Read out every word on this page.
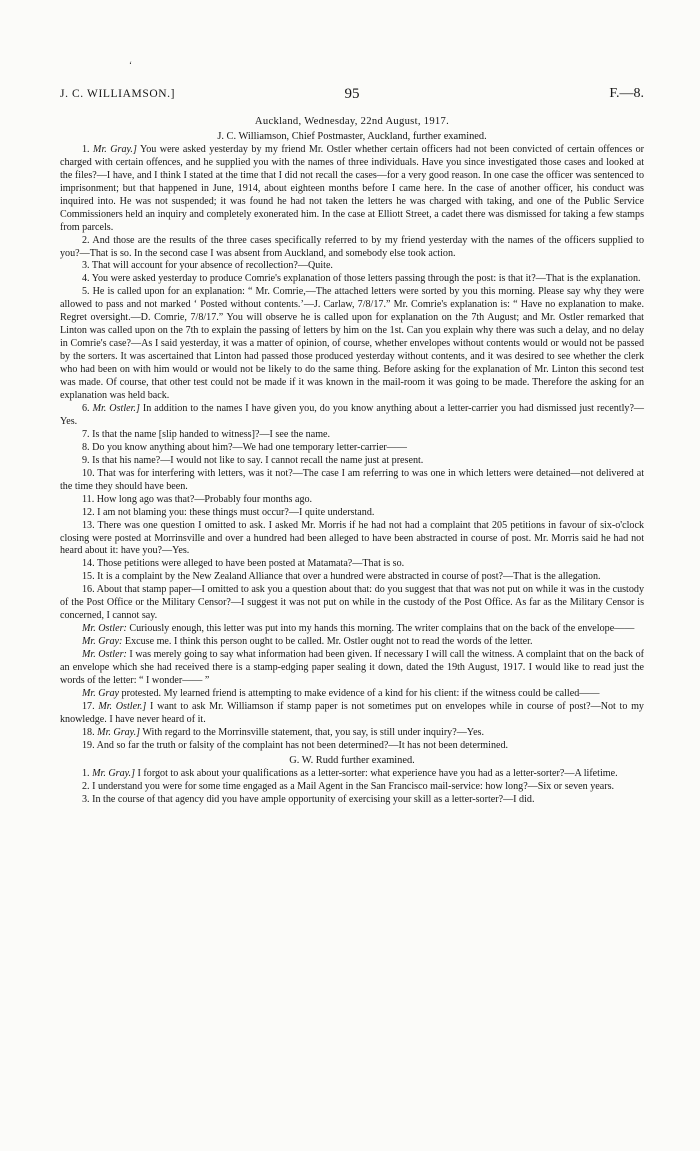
‘
J. C. WILLIAMSON.]	95	F.—8.

Auckland, Wednesday, 22nd August, 1917.

J. C. Williamson, Chief Postmaster, Auckland, further examined.

1. Mr. Gray.] You were asked yesterday by my friend Mr. Ostler whether certain officers had not been convicted of certain offences or charged with certain offences, and he supplied you with the names of three individuals. Have you since investigated those cases and looked at the files?—I have, and I think I stated at the time that I did not recall the cases—for a very good reason. In one case the officer was sentenced to imprisonment; but that happened in June, 1914, about eighteen months before I came here. In the case of another officer, his conduct was inquired into. He was not suspended; it was found he had not taken the letters he was charged with taking, and one of the Public Service Commissioners held an inquiry and completely exonerated him. In the case at Elliott Street, a cadet there was dismissed for taking a few stamps from parcels.

2. And those are the results of the three cases specifically referred to by my friend yesterday with the names of the officers supplied to you?—That is so. In the second case I was absent from Auckland, and somebody else took action.

3. That will account for your absence of recollection?—Quite.

4. You were asked yesterday to produce Comrie's explanation of those letters passing through the post: is that it?—That is the explanation.

5. He is called upon for an explanation: “ Mr. Comrie,—The attached letters were sorted by you this morning. Please say why they were allowed to pass and not marked ‘ Posted without contents.’—J. Carlaw, 7/8/17.” Mr. Comrie's explanation is: “ Have no explanation to make. Regret oversight.—D. Comrie, 7/8/17.” You will observe he is called upon for explanation on the 7th August; and Mr. Ostler remarked that Linton was called upon on the 7th to explain the passing of letters by him on the 1st. Can you explain why there was such a delay, and no delay in Comrie's case?—As I said yesterday, it was a matter of opinion, of course, whether envelopes without contents would or would not be passed by the sorters. It was ascertained that Linton had passed those produced yesterday without contents, and it was desired to see whether the clerk who had been on with him would or would not be likely to do the same thing. Before asking for the explanation of Mr. Linton this second test was made. Of course, that other test could not be made if it was known in the mail-room it was going to be made. Therefore the asking for an explanation was held back.

6. Mr. Ostler.] In addition to the names I have given you, do you know anything about a letter-carrier you had dismissed just recently?—Yes.

7. Is that the name [slip handed to witness]?—I see the name.

8. Do you know anything about him?—We had one temporary letter-carrier——

9. Is that his name?—I would not like to say. I cannot recall the name just at present.

10. That was for interfering with letters, was it not?—The case I am referring to was one in which letters were detained—not delivered at the time they should have been.

11. How long ago was that?—Probably four months ago.

12. I am not blaming you: these things must occur?—I quite understand.

13. There was one question I omitted to ask. I asked Mr. Morris if he had not had a complaint that 205 petitions in favour of six-o'clock closing were posted at Morrinsville and over a hundred had been alleged to have been abstracted in course of post. Mr. Morris said he had not heard about it: have you?—Yes.

14. Those petitions were alleged to have been posted at Matamata?—That is so.

15. It is a complaint by the New Zealand Alliance that over a hundred were abstracted in course of post?—That is the allegation.

16. About that stamp paper—I omitted to ask you a question about that: do you suggest that that was not put on while it was in the custody of the Post Office or the Military Censor?—I suggest it was not put on while in the custody of the Post Office. As far as the Military Censor is concerned, I cannot say.

Mr. Ostler: Curiously enough, this letter was put into my hands this morning. The writer complains that on the back of the envelope——

Mr. Gray: Excuse me. I think this person ought to be called. Mr. Ostler ought not to read the words of the letter.

Mr. Ostler: I was merely going to say what information had been given. If necessary I will call the witness. A complaint that on the back of an envelope which she had received there is a stamp-edging paper sealing it down, dated the 19th August, 1917. I would like to read just the words of the letter: “ I wonder—— ”

Mr. Gray protested. My learned friend is attempting to make evidence of a kind for his client: if the witness could be called——

17. Mr. Ostler.] I want to ask Mr. Williamson if stamp paper is not sometimes put on envelopes while in course of post?—Not to my knowledge. I have never heard of it.

18. Mr. Gray.] With regard to the Morrinsville statement, that, you say, is still under inquiry?—Yes.

19. And so far the truth or falsity of the complaint has not been determined?—It has not been determined.

G. W. Rudd further examined.

1. Mr. Gray.] I forgot to ask about your qualifications as a letter-sorter: what experience have you had as a letter-sorter?—A lifetime.

2. I understand you were for some time engaged as a Mail Agent in the San Francisco mail-service: how long?—Six or seven years.

3. In the course of that agency did you have ample opportunity of exercising your skill as a letter-sorter?—I did.
